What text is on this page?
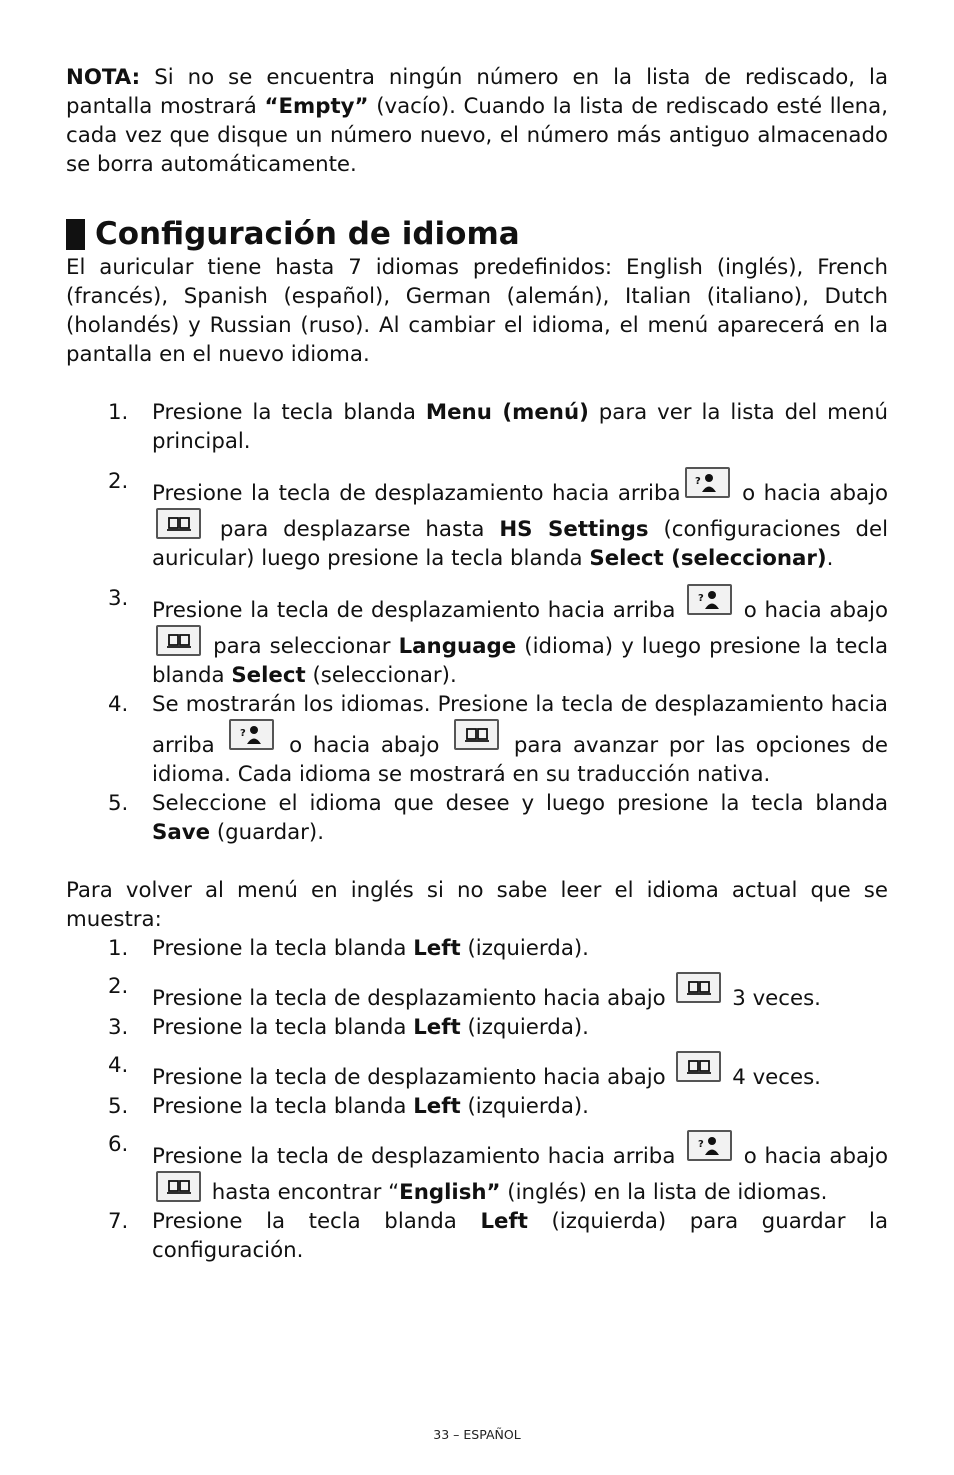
NOTA: Si no se encuentra ningún número en la lista de rediscado, la pantalla mostrará “Empty” (vacío). Cuando la lista de rediscado esté llena, cada vez que disque un número nuevo, el número más antiguo almacenado se borra automáticamente.

Configuración de idioma

El auricular tiene hasta 7 idiomas predefinidos: English (inglés), French (francés), Spanish (español), German (alemán), Italian (italiano), Dutch (holandés) y Russian (ruso). Al cambiar el idioma, el menú aparecerá en la pantalla en el nuevo idioma.

1. Presione la tecla blanda Menu (menú) para ver la lista del menú principal.
2. Presione la tecla de desplazamiento hacia arriba ? o hacia abajo
para desplazarse hasta HS Settings (configuraciones del auricular) luego presione la tecla blanda Select (seleccionar).
3. Presione la tecla de desplazamiento hacia arriba ? o hacia abajo
para seleccionar Language (idioma) y luego presione la tecla blanda Select (seleccionar).
4. Se mostrarán los idiomas. Presione la tecla de desplazamiento hacia arriba ? o hacia abajo
para avanzar por las opciones de idioma. Cada idioma se mostrará en su traducción nativa.
5. Seleccione el idioma que desee y luego presione la tecla blanda Save (guardar).

Para volver al menú en inglés si no sabe leer el idioma actual que se muestra:

1. Presione la tecla blanda Left (izquierda).
2. Presione la tecla de desplazamiento hacia abajo
3 veces.
3. Presione la tecla blanda Left (izquierda).
4. Presione la tecla de desplazamiento hacia abajo
4 veces.
5. Presione la tecla blanda Left (izquierda).
6. Presione la tecla de desplazamiento hacia arriba ? o hacia abajo
hasta encontrar “English” (inglés) en la lista de idiomas.
7. Presione la tecla blanda Left (izquierda) para guardar la configuración.
33 – ESPAÑOL
